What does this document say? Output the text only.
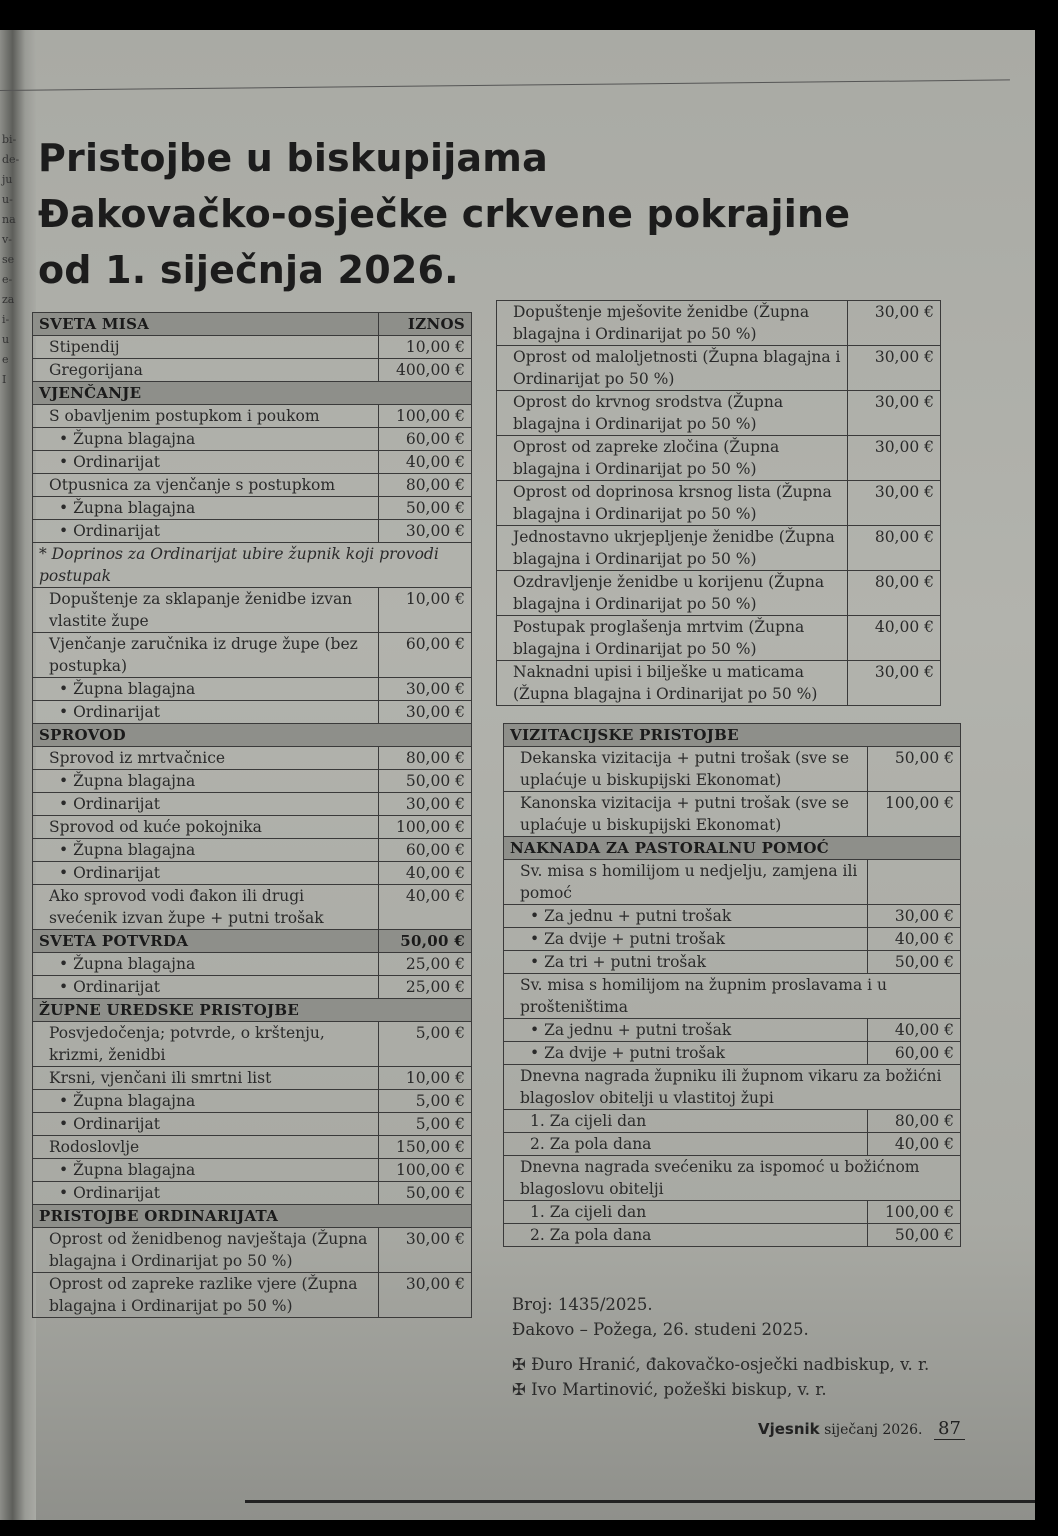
bi-
de-
ju
u-
na
v-
se
e-
za
i-
u
e
I
Pristojbe u biskupijama
Đakovačko-osječke crkvene pokrajine
od 1. siječnja 2026.
SVETA MISA	IZNOS
Stipendij	10,00 €
Gregorijana	400,00 €
VJENČANJE	
S obavljenim postupkom i poukom	100,00 €
• Župna blagajna	60,00 €
• Ordinarijat	40,00 €
Otpusnica za vjenčanje s postupkom	80,00 €
• Župna blagajna	50,00 €
• Ordinarijat	30,00 €
* Doprinos za Ordinarijat ubire župnik koji provodi postupak	
Dopuštenje za sklapanje ženidbe izvan vlastite župe	10,00 €
Vjenčanje zaručnika iz druge župe (bez postupka)	60,00 €
• Župna blagajna	30,00 €
• Ordinarijat	30,00 €
SPROVOD	
Sprovod iz mrtvačnice	80,00 €
• Župna blagajna	50,00 €
• Ordinarijat	30,00 €
Sprovod od kuće pokojnika	100,00 €
• Župna blagajna	60,00 €
• Ordinarijat	40,00 €
Ako sprovod vodi đakon ili drugi svećenik izvan župe + putni trošak	40,00 €
SVETA POTVRDA	50,00 €
• Župna blagajna	25,00 €
• Ordinarijat	25,00 €
ŽUPNE UREDSKE PRISTOJBE	
Posvjedočenja; potvrde, o krštenju, krizmi, ženidbi	5,00 €
Krsni, vjenčani ili smrtni list	10,00 €
• Župna blagajna	5,00 €
• Ordinarijat	5,00 €
Rodoslovlje	150,00 €
• Župna blagajna	100,00 €
• Ordinarijat	50,00 €
PRISTOJBE ORDINARIJATA	
Oprost od ženidbenog navještaja (Župna blagajna i Ordinarijat po 50 %)	30,00 €
Oprost od zapreke razlike vjere (Župna blagajna i Ordinarijat po 50 %)	30,00 €
Dopuštenje mješovite ženidbe (Župna blagajna i Ordinarijat po 50 %)	30,00 €
Oprost od maloljetnosti (Župna blagajna i Ordinarijat po 50 %)	30,00 €
Oprost do krvnog srodstva (Župna blagajna i Ordinarijat po 50 %)	30,00 €
Oprost od zapreke zločina (Župna blagajna i Ordinarijat po 50 %)	30,00 €
Oprost od doprinosa krsnog lista (Župna blagajna i Ordinarijat po 50 %)	30,00 €
Jednostavno ukrjepljenje ženidbe (Župna blagajna i Ordinarijat po 50 %)	80,00 €
Ozdravljenje ženidbe u korijenu (Župna blagajna i Ordinarijat po 50 %)	80,00 €
Postupak proglašenja mrtvim (Župna blagajna i Ordinarijat po 50 %)	40,00 €
Naknadni upisi i bilješke u maticama (Župna blagajna i Ordinarijat po 50 %)	30,00 €
VIZITACIJSKE PRISTOJBE	
Dekanska vizitacija + putni trošak (sve se uplaćuje u biskupijski Ekonomat)	50,00 €
Kanonska vizitacija + putni trošak (sve se uplaćuje u biskupijski Ekonomat)	100,00 €
NAKNADA ZA PASTORALNU POMOĆ	
Sv. misa s homilijom u nedjelju, zamjena ili pomoć	
• Za jednu + putni trošak	30,00 €
• Za dvije + putni trošak	40,00 €
• Za tri + putni trošak	50,00 €
Sv. misa s homilijom na župnim proslavama i u prošteništima	
• Za jednu + putni trošak	40,00 €
• Za dvije + putni trošak	60,00 €
Dnevna nagrada župniku ili župnom vikaru za božićni blagoslov obitelji u vlastitoj župi	
1. Za cijeli dan	80,00 €
2. Za pola dana	40,00 €
Dnevna nagrada svećeniku za ispomoć u božićnom blagoslovu obitelji	
1. Za cijeli dan	100,00 €
2. Za pola dana	50,00 €
Broj: 1435/2025.
Đakovo – Požega, 26. studeni 2025.
✠ Đuro Hranić, đakovačko-osječki nadbiskup, v. r.
✠ Ivo Martinović, požeški biskup, v. r.
Vjesnik siječanj 2026. 87
